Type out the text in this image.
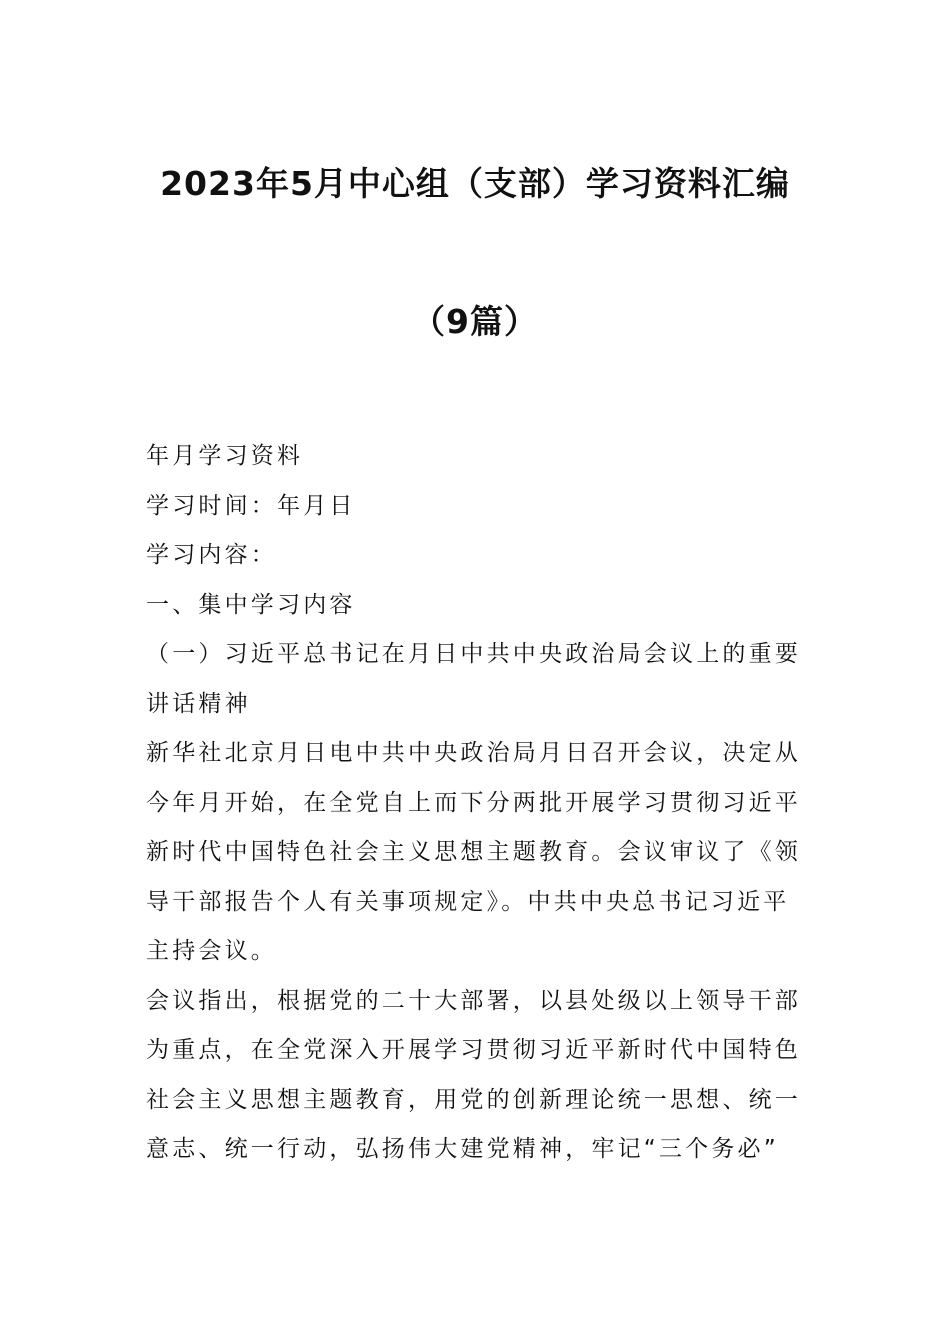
2023年5月中心组（支部）学习资料汇编
（9篇）

年月学习资料

学习时间：年月日

学习内容：

一、集中学习内容

（一）习近平总书记在月日中共中央政治局会议上的重要讲话精神

新华社北京月日电中共中央政治局月日召开会议，决定从今年月开始，在全党自上而下分两批开展学习贯彻习近平新时代中国特色社会主义思想主题教育。会议审议了《领导干部报告个人有关事项规定》。中共中央总书记习近平主持会议。

会议指出，根据党的二十大部署，以县处级以上领导干部为重点，在全党深入开展学习贯彻习近平新时代中国特色社会主义思想主题教育，用党的创新理论统一思想、统一意志、统一行动，弘扬伟大建党精神，牢记“三个务必”
